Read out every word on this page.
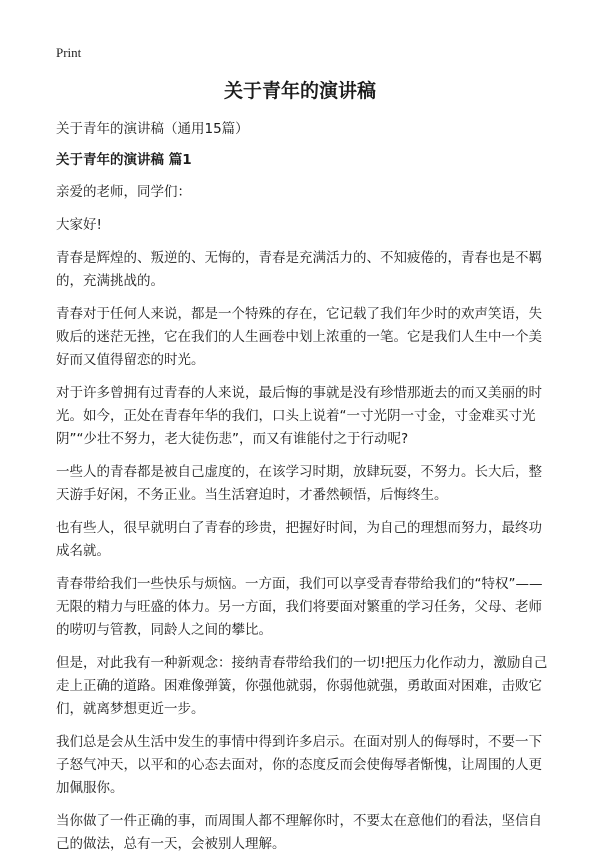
Print
关于青年的演讲稿

关于青年的演讲稿（通用15篇）

关于青年的演讲稿 篇1

亲爱的老师，同学们：

大家好!

青春是辉煌的、叛逆的、无悔的，青春是充满活力的、不知疲倦的，青春也是不羁的，充满挑战的。

青春对于任何人来说，都是一个特殊的存在，它记载了我们年少时的欢声笑语，失败后的迷茫无挫，它在我们的人生画卷中划上浓重的一笔。它是我们人生中一个美好而又值得留恋的时光。

对于许多曾拥有过青春的人来说，最后悔的事就是没有珍惜那逝去的而又美丽的时光。如今，正处在青春年华的我们，口头上说着“一寸光阴一寸金，寸金难买寸光阴”“少壮不努力，老大徒伤悲”，而又有谁能付之于行动呢?

一些人的青春都是被自己虚度的，在该学习时期，放肆玩耍，不努力。长大后，整天游手好闲，不务正业。当生活窘迫时，才番然顿悟，后悔终生。

也有些人，很早就明白了青春的珍贵，把握好时间，为自己的理想而努力，最终功成名就。

青春带给我们一些快乐与烦恼。一方面，我们可以享受青春带给我们的“特权”——无限的精力与旺盛的体力。另一方面，我们将要面对繁重的学习任务，父母、老师的唠叨与管教，同龄人之间的攀比。

但是，对此我有一种新观念：接纳青春带给我们的一切!把压力化作动力，激励自己走上正确的道路。困难像弹簧，你强他就弱，你弱他就强，勇敢面对困难，击败它们，就离梦想更近一步。

我们总是会从生活中发生的事情中得到许多启示。在面对别人的侮辱时，不要一下子怒气冲天，以平和的心态去面对，你的态度反而会使侮辱者惭愧，让周围的人更加佩服你。

当你做了一件正确的事，而周围人都不理解你时，不要太在意他们的看法，坚信自己的做法，总有一天，会被别人理解。
